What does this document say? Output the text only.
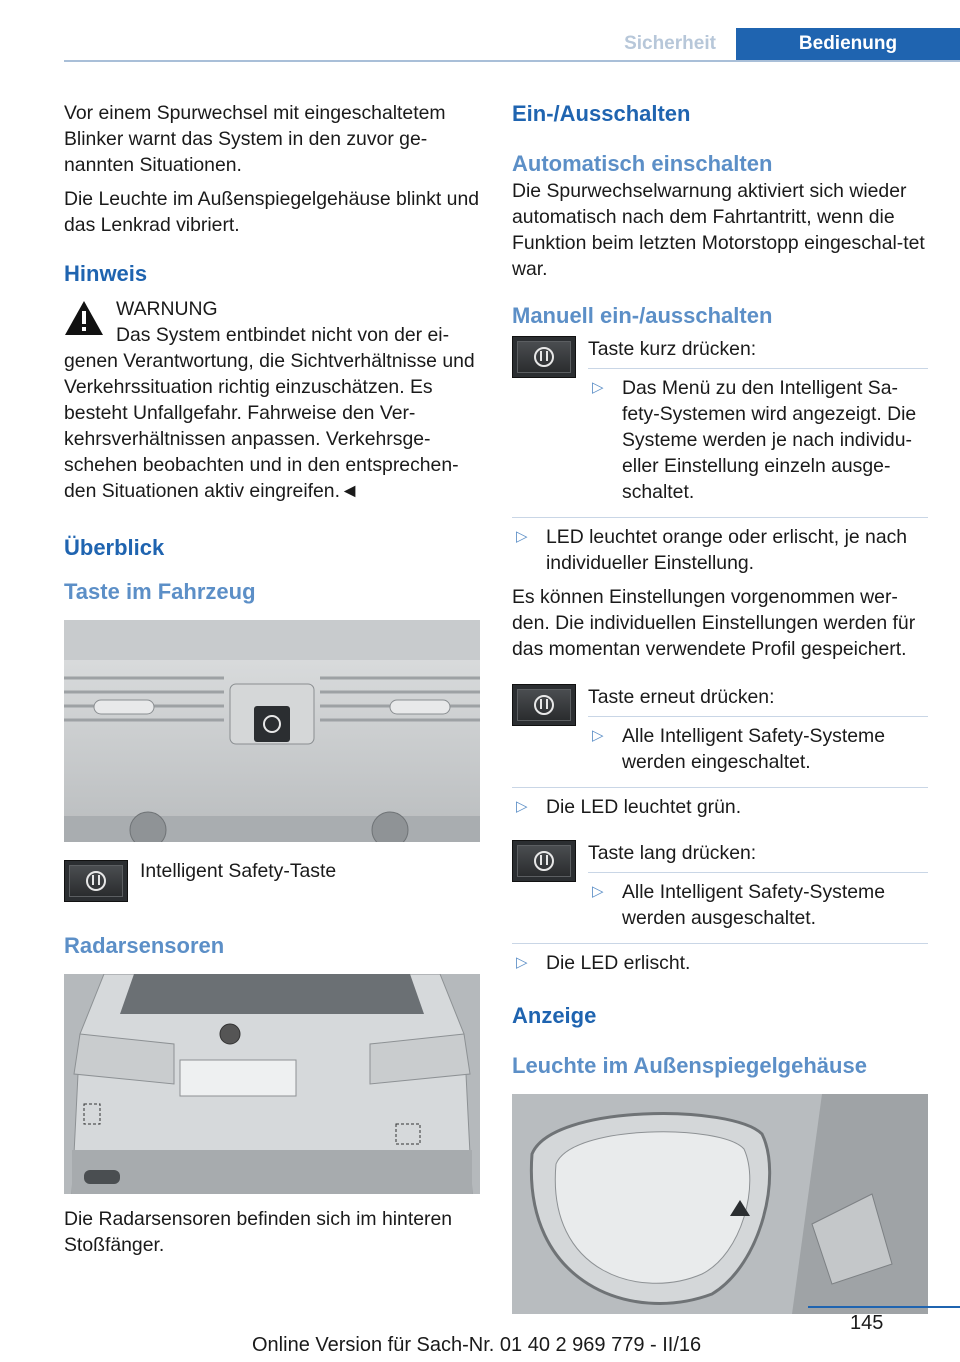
Sicherheit	Bedienung

Vor einem Spurwechsel mit eingeschaltetem Blinker warnt das System in den zuvor ge-nannten Situationen.

Die Leuchte im Außenspiegelgehäuse blinkt und das Lenkrad vibriert.

Hinweis
WARNUNG

Das System entbindet nicht von der ei-genen Verantwortung, die Sichtverhältnisse und Verkehrssituation richtig einzuschätzen. Es besteht Unfallgefahr. Fahrweise den Ver-kehrsverhältnissen anpassen. Verkehrsge-schehen beobachten und in den entsprechen-den Situationen aktiv eingreifen.◄

Überblick
Taste im Fahrzeug
Intelligent Safety-Taste
Radarsensoren

Die Radarsensoren befinden sich im hinteren Stoßfänger.

Ein-/Ausschalten
Automatisch einschalten

Die Spurwechselwarnung aktiviert sich wieder automatisch nach dem Fahrtantritt, wenn die Funktion beim letzten Motorstopp eingeschal-tet war.

Manuell ein-/ausschalten

Taste kurz drücken:

▷ Das Menü zu den Intelligent Sa-fety-Systemen wird angezeigt. Die Systeme werden je nach individu-eller Einstellung einzeln ausge-schaltet.
▷ LED leuchtet orange oder erlischt, je nach individueller Einstellung.

Es können Einstellungen vorgenommen wer-den. Die individuellen Einstellungen werden für das momentan verwendete Profil gespeichert.

Taste erneut drücken:

▷ Alle Intelligent Safety-Systeme werden eingeschaltet.
▷ Die LED leuchtet grün.

Taste lang drücken:

▷ Alle Intelligent Safety-Systeme werden ausgeschaltet.
▷ Die LED erlischt.
Anzeige
Leuchte im Außenspiegelgehäuse
145
Online Version für Sach-Nr. 01 40 2 969 779 - II/16
